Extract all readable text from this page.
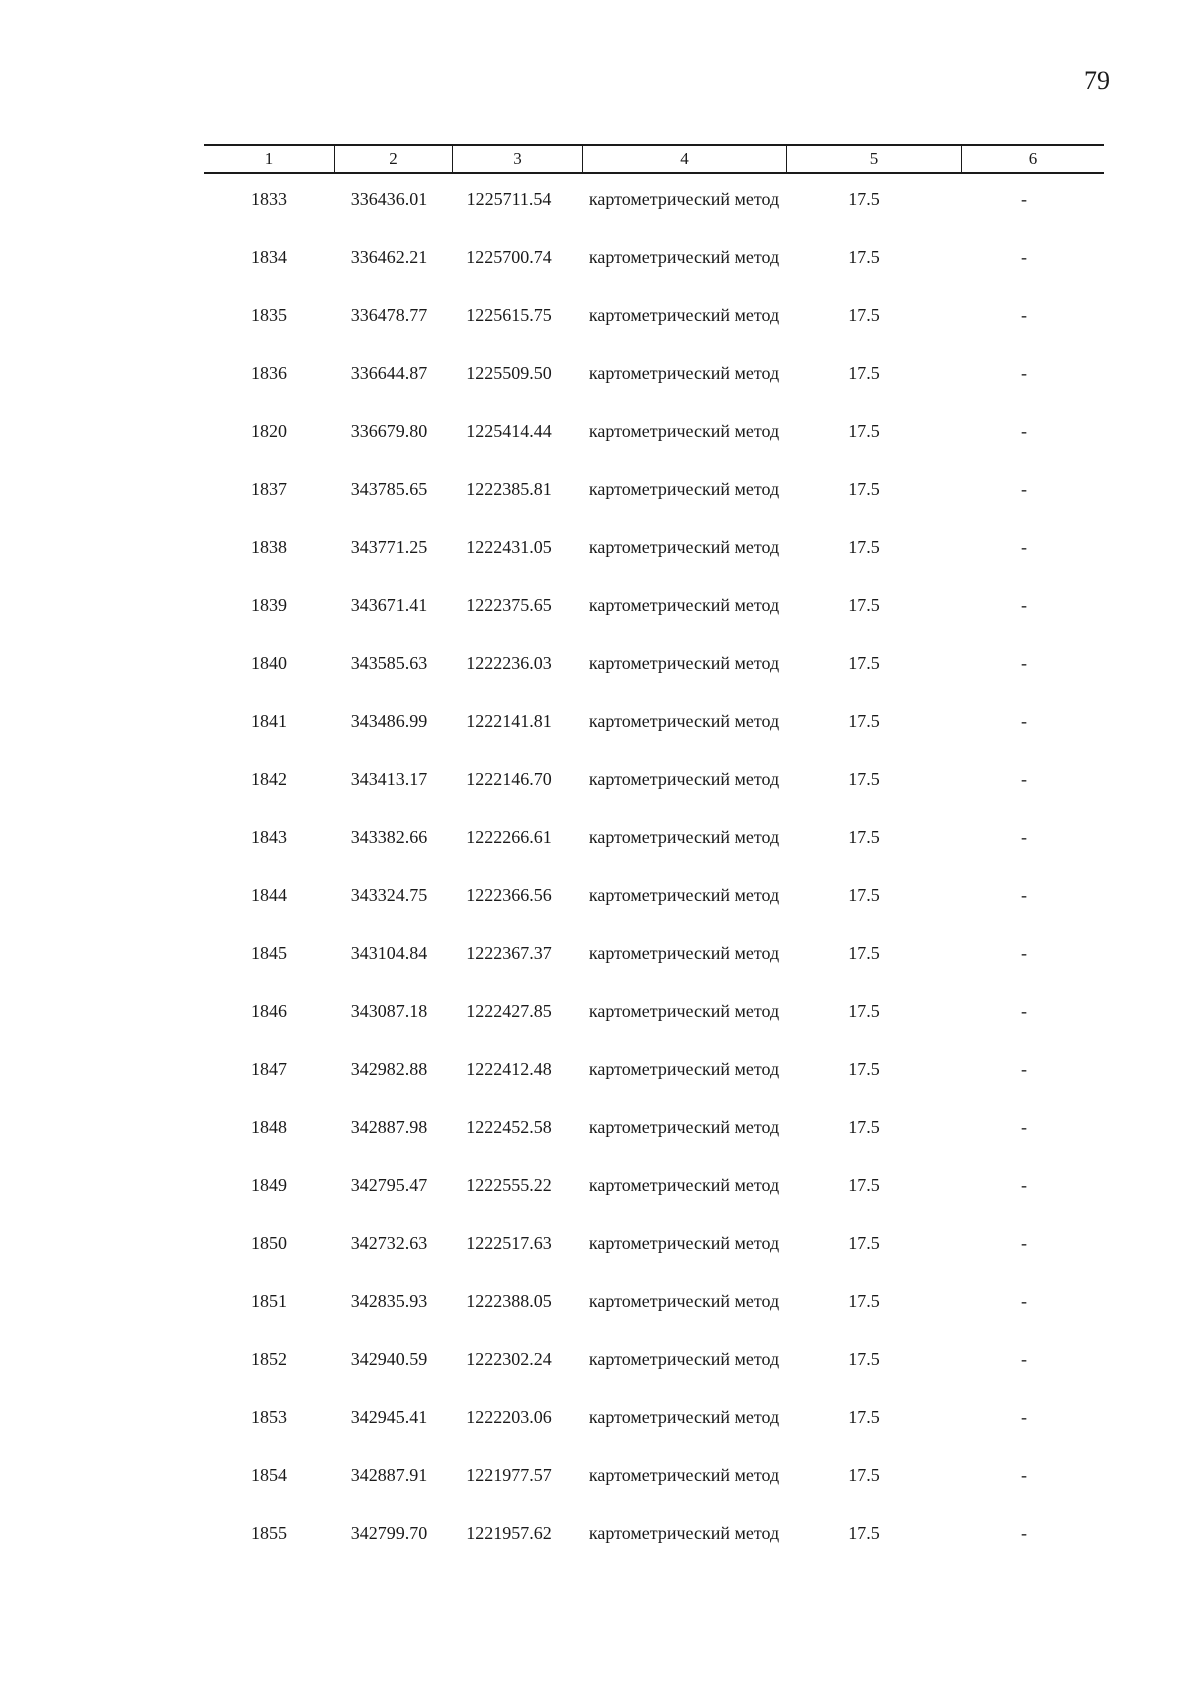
79
1	2	3	4	5	6
1833	336436.01	1225711.54	картометрический метод	17.5	-
1834	336462.21	1225700.74	картометрический метод	17.5	-
1835	336478.77	1225615.75	картометрический метод	17.5	-
1836	336644.87	1225509.50	картометрический метод	17.5	-
1820	336679.80	1225414.44	картометрический метод	17.5	-
1837	343785.65	1222385.81	картометрический метод	17.5	-
1838	343771.25	1222431.05	картометрический метод	17.5	-
1839	343671.41	1222375.65	картометрический метод	17.5	-
1840	343585.63	1222236.03	картометрический метод	17.5	-
1841	343486.99	1222141.81	картометрический метод	17.5	-
1842	343413.17	1222146.70	картометрический метод	17.5	-
1843	343382.66	1222266.61	картометрический метод	17.5	-
1844	343324.75	1222366.56	картометрический метод	17.5	-
1845	343104.84	1222367.37	картометрический метод	17.5	-
1846	343087.18	1222427.85	картометрический метод	17.5	-
1847	342982.88	1222412.48	картометрический метод	17.5	-
1848	342887.98	1222452.58	картометрический метод	17.5	-
1849	342795.47	1222555.22	картометрический метод	17.5	-
1850	342732.63	1222517.63	картометрический метод	17.5	-
1851	342835.93	1222388.05	картометрический метод	17.5	-
1852	342940.59	1222302.24	картометрический метод	17.5	-
1853	342945.41	1222203.06	картометрический метод	17.5	-
1854	342887.91	1221977.57	картометрический метод	17.5	-
1855	342799.70	1221957.62	картометрический метод	17.5	-
